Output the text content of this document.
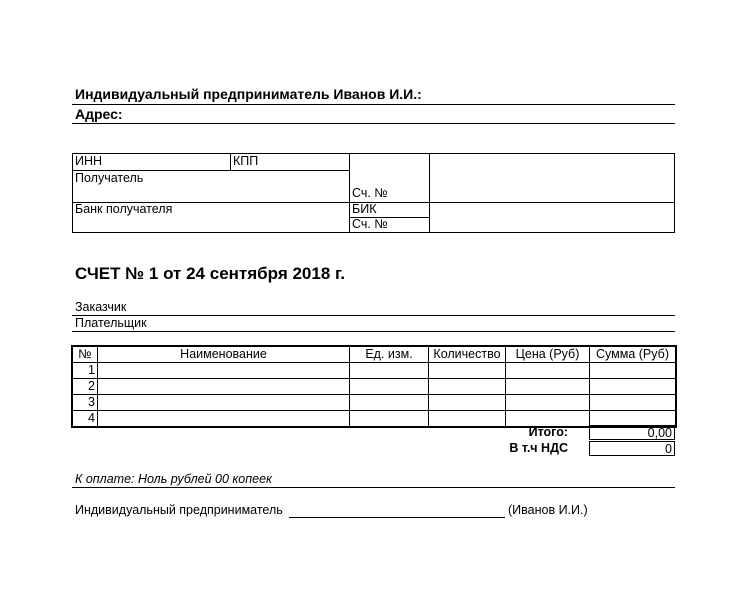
Индивидуальный предприниматель Иванов И.И.:
Адрес:
ИНН	КПП
Получатель
Сч. №
Банк получателя	БИК
Сч. №
СЧЕТ № 1 от 24 сентября 2018 г.
Заказчик
Плательщик
№	Наименование	Ед. изм.	Количество	Цена (Руб)	Сумма (Руб)
1					
2					
3					
4					
Итого:	0,00
В т.ч НДС	0
К оплате: Ноль рублей 00 копеек
Индивидуальный предприниматель	(Иванов И.И.)
